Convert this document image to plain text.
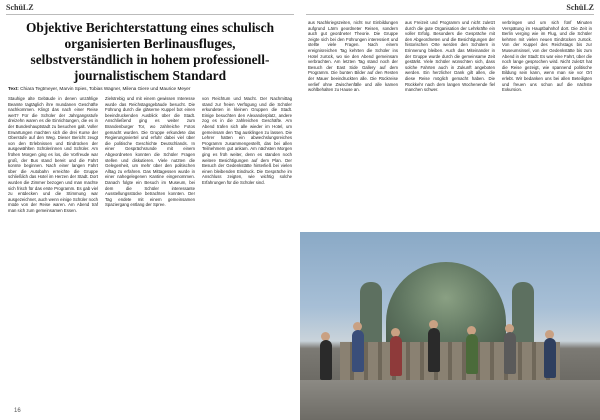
SchüLZ
Objektive Berichterstattung eines schulisch organisierten Berlinausfluges, selbstverständlich in hohem professionell-journalistischem Standard
Text: Chiara Tegtmeyer, Marvin Spies, Tobias Wagner, Milena Giere und Maurice Meyer
Stauhige alte Gebäude in denen unzählige Beamte tagtäglich ihre mundanen Geschäfte nachkommen. Klingt das nach einer Reise wert? Für die Schüler der Jahrgangsstufe dreizehn waren es die Einrichtungen, die es in der Bundeshauptstadt zu besuchen galt. Voller Erwartungen machten sich die drei Kurse der Oberstufe auf den Weg. Dieser Bericht zeugt von den Erlebnissen und Eindrücken der ausgewählten Schülerinnen und Schüler. Am frühen Morgen ging es los, die Vorfreude war groß, der Bus stand bereit und die Fahrt konnte beginnen. Nach einer langen Fahrt über die Autobahn erreichte die Gruppe schließlich das Hotel im Herzen der Stadt. Dort wurden die Zimmer bezogen und man machte sich frisch für das erste Programm. Es gab viel zu entdecken und die Stimmung war ausgezeichnet, auch wenn einige Schüler noch müde von der Reise waren. Am Abend traf man sich zum gemeinsamen Essen.
Zielstrebig und mit einem gewissen Interesse wurde das Reichstagsgebäude besucht. Die Führung durch die gläserne Kuppel bot einen beeindruckenden Ausblick über die Stadt. Anschließend ging es weiter zum Brandenburger Tor, wo zahlreiche Fotos gemacht wurden. Die Gruppe erkundete das Regierungsviertel und erfuhr dabei viel über die politische Geschichte Deutschlands. In einer Gesprächsrunde mit einem Abgeordneten konnten die Schüler Fragen stellen und diskutieren. Viele nutzten die Gelegenheit, um mehr über den politischen Alltag zu erfahren. Das Mittagessen wurde in einer nahegelegenen Kantine eingenommen. Danach folgte ein Besuch im Museum, bei dem die Schüler interessante Ausstellungsstücke betrachten konnten. Der Tag endete mit einem gemeinsamen Spaziergang entlang der Spree.
von Reichtum und Macht. Der Nachmittag stand zur freien Verfügung und die Schüler erkundeten in kleinen Gruppen die Stadt. Einige besuchten den Alexanderplatz, andere zog es in die zahlreichen Geschäfte. Am Abend trafen sich alle wieder im Hotel, um gemeinsam den Tag ausklingen zu lassen. Die Lehrer hatten ein abwechslungsreiches Programm zusammengestellt, das bei allen Teilnehmern gut ankam. Am nächsten Morgen ging es früh weiter, denn es standen noch weitere Besichtigungen auf dem Plan. Der Besuch der Gedenkstätte hinterließ bei vielen einen bleibenden Eindruck. Die Gespräche im Anschluss zeigten, wie wichtig solche Erfahrungen für die Schüler sind.
16
SchüLZ
aus Nachkriegszeiten, nicht nur Einbildungen aufgrund Lärm geordneter Reisen, sondern auch gut geordneter Theorie. Die Gruppe zeigte sich bei den Führungen interessiert und stellte viele Fragen. Nach einem ereignisreichen Tag kehrten die Schüler ins Hotel zurück, wo sie den Abend gemeinsam verbrachten. Am letzten Tag stand noch der Besuch der East Side Gallery auf dem Programm. Die bunten Bilder auf den Resten der Mauer beeindruckten alle. Die Rückreise verlief ohne Zwischenfälle und alle kamen wohlbehalten zu Hause an.
aus Freizeit und Programm und nicht zuletzt durch die gute Organisation der Lehrkräfte ein voller Erfolg. Besonders die Gespräche mit den Abgeordneten und die Besichtigungen der historischen Orte werden den Schülern in Erinnerung bleiben. Auch das Miteinander in der Gruppe wurde durch die gemeinsame Zeit gestärkt. Viele Schüler wünschten sich, dass solche Fahrten auch in Zukunft angeboten werden. Ein herzlicher Dank gilt allen, die diese Reise möglich gemacht haben. Die Rückkehr nach dem langen Wochenende fiel manchen schwer.
verbringen und um sich fünf Minuten Verspätung im Hauptbahnhof dort. Die Zeit in Berlin verging wie im Flug, und die Schüler kehrten mit vielen neuen Eindrücken zurück. Von der Kuppel des Reichstags bis zur Museumsinsel, von der Gedenkstätte bis zum Abend in der Stadt: Es war eine Fahrt, über die noch lange gesprochen wird. Nicht zuletzt hat die Reise gezeigt, wie spannend politische Bildung sein kann, wenn man sie vor Ort erlebt. Wir bedanken uns bei allen Beteiligten und freuen uns schon auf die nächste Exkursion.
